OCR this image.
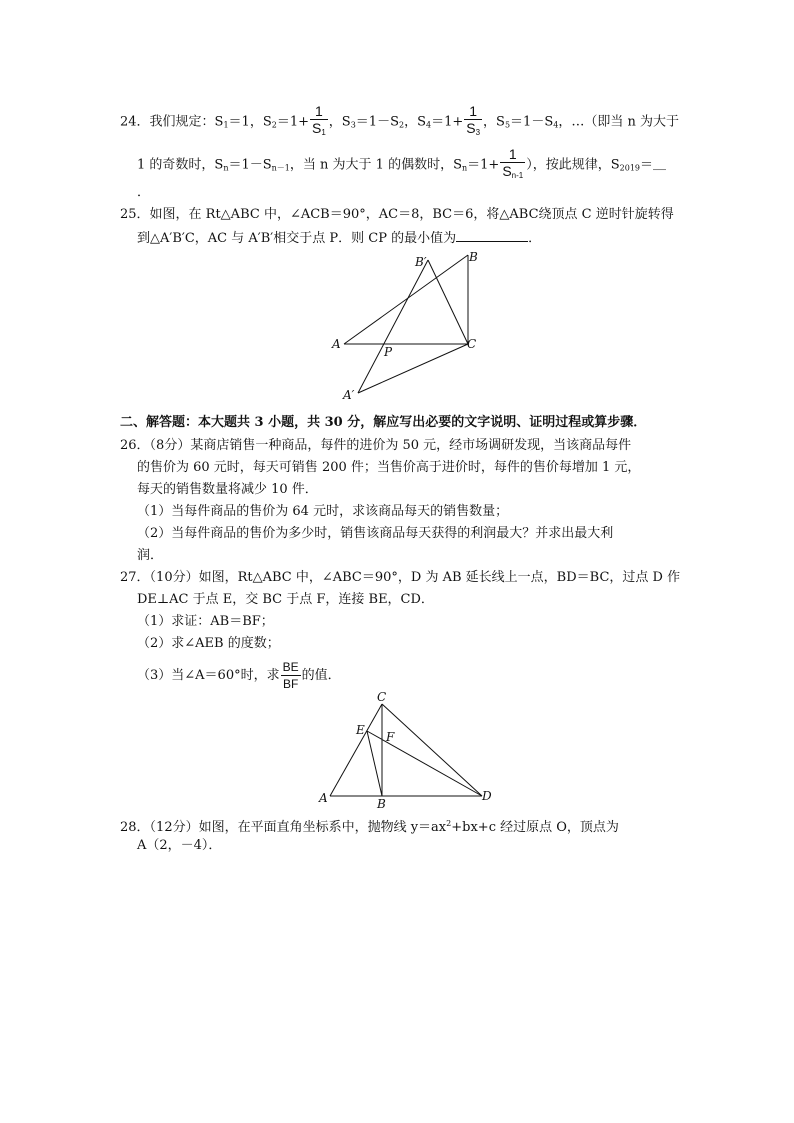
24．我们规定：$S_1=1$，$S_2=1+ \frac{1}{S_1}$ ，$S_3=1-S_2$，$S_4=1+ \frac{1}{S_3}$ ，$S_5=1-S_4$，…（即当 n 为大于
1 的奇数时，$S_n=1-S_{n-1}$，当 n 为大于 1 的偶数时，$S_n=1+ \frac{1}{S_{n-1}}$ ），按此规律，$S_{2019}=\_$
．
25．如图，在 Rt△ABC 中，∠ACB＝90°，AC＝8，BC＝6，将△ABC绕顶点 C 逆时针旋转得
到△A′B′C，AC 与 A′B′相交于点 P．则 CP 的最小值为	．
B′	B
A
P
C
A′
二、解答题：本大题共 3 小题，共 30 分，解应写出必要的文字说明、证明过程或算步骤．
26．（8分）某商店销售一种商品，每件的进价为 50 元，经市场调研发现，当该商品每件
的售价为 60 元时，每天可销售 200 件；当售价高于进价时，每件的售价每增加 1 元，
每天的销售数量将减少 10 件．
（1）当每件商品的售价为 64 元时，求该商品每天的销售数量；
（2）当每件商品的售价为多少时，销售该商品每天获得的利润最大？并求出最大利
润．
27．（10分）如图，Rt△ABC 中，∠ABC＝90°，D 为 AB 延长线上一点，BD＝BC，过点 D 作
DE⊥AC 于点 E，交 BC 于点 F，连接 BE，CD．
（1）求证：AB＝BF；
（2）求∠AEB 的度数；
（3）当∠A＝60°时，求 $\frac{BE}{BF}$ 的值．
C
E F
A	B
D
28．（12分）如图，在平面直角坐标系中，抛物线 $y=ax^2+bx+c$ 经过原点 O，顶点为
A（2，－4）．
